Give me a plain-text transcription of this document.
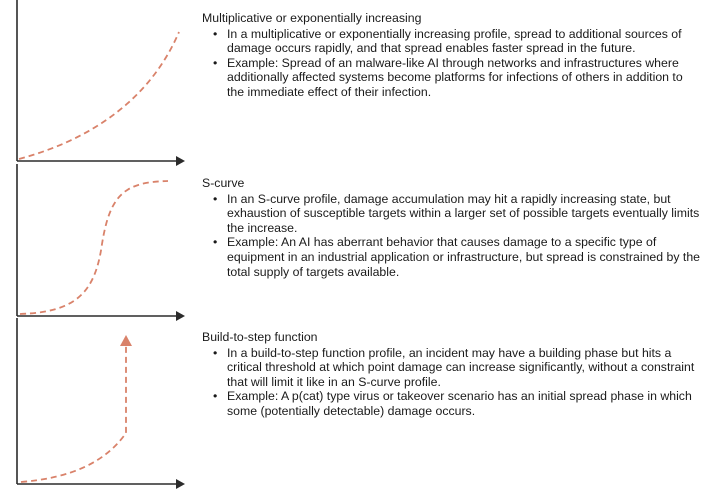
Multiplicative or exponentially increasing
• In a multiplicative or exponentially increasing profile, spread to additional sources of damage occurs rapidly, and that spread enables faster spread in the future.
• Example: Spread of an malware-like AI through networks and infrastructures where additionally affected systems become platforms for infections of others in addition to the immediate effect of their infection.
S-curve
• In an S-curve profile, damage accumulation may hit a rapidly increasing state, but exhaustion of susceptible targets within a larger set of possible targets eventually limits the increase.
• Example: An AI has aberrant behavior that causes damage to a specific type of equipment in an industrial application or infrastructure, but spread is constrained by the total supply of targets available.
Build-to-step function
• In a build-to-step function profile, an incident may have a building phase but hits a critical threshold at which point damage can increase significantly, without a constraint that will limit it like in an S-curve profile.
• Example: A p(cat) type virus or takeover scenario has an initial spread phase in which some (potentially detectable) damage occurs.
